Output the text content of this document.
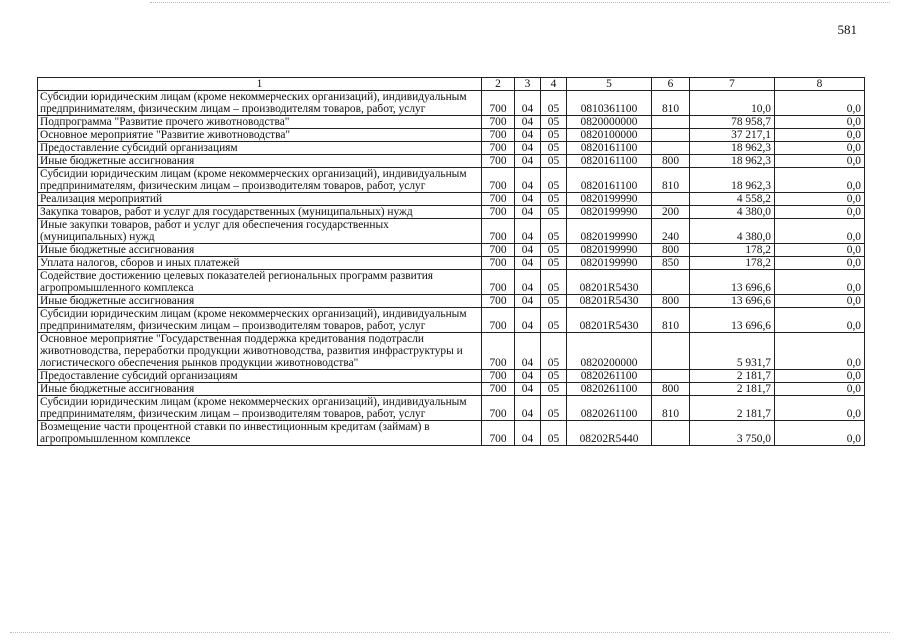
581
1	2	3	4	5	6	7	8
Субсидии юридическим лицам (кроме некоммерческих организаций), индивидуальным предпринимателям, физическим лицам – производителям товаров, работ, услуг	700	04	05	0810361100	810	10,0	0,0
Подпрограмма "Развитие прочего животноводства"	700	04	05	0820000000		78 958,7	0,0
Основное мероприятие "Развитие животноводства"	700	04	05	0820100000		37 217,1	0,0
Предоставление субсидий организациям	700	04	05	0820161100		18 962,3	0,0
Иные бюджетные ассигнования	700	04	05	0820161100	800	18 962,3	0,0
Субсидии юридическим лицам (кроме некоммерческих организаций), индивидуальным предпринимателям, физическим лицам – производителям товаров, работ, услуг	700	04	05	0820161100	810	18 962,3	0,0
Реализация мероприятий	700	04	05	0820199990		4 558,2	0,0
Закупка товаров, работ и услуг для государственных (муниципальных) нужд	700	04	05	0820199990	200	4 380,0	0,0
Иные закупки товаров, работ и услуг для обеспечения государственных (муниципальных) нужд	700	04	05	0820199990	240	4 380,0	0,0
Иные бюджетные ассигнования	700	04	05	0820199990	800	178,2	0,0
Уплата налогов, сборов и иных платежей	700	04	05	0820199990	850	178,2	0,0
Содействие достижению целевых показателей региональных программ развития агропромышленного комплекса	700	04	05	08201R5430		13 696,6	0,0
Иные бюджетные ассигнования	700	04	05	08201R5430	800	13 696,6	0,0
Субсидии юридическим лицам (кроме некоммерческих организаций), индивидуальным предпринимателям, физическим лицам – производителям товаров, работ, услуг	700	04	05	08201R5430	810	13 696,6	0,0
Основное мероприятие "Государственная поддержка кредитования подотрасли животноводства, переработки продукции животноводства, развития инфраструктуры и логистического обеспечения рынков продукции животноводства"	700	04	05	0820200000		5 931,7	0,0
Предоставление субсидий организациям	700	04	05	0820261100		2 181,7	0,0
Иные бюджетные ассигнования	700	04	05	0820261100	800	2 181,7	0,0
Субсидии юридическим лицам (кроме некоммерческих организаций), индивидуальным предпринимателям, физическим лицам – производителям товаров, работ, услуг	700	04	05	0820261100	810	2 181,7	0,0
Возмещение части процентной ставки по инвестиционным кредитам (займам) в агропромышленном комплексе	700	04	05	08202R5440		3 750,0	0,0
